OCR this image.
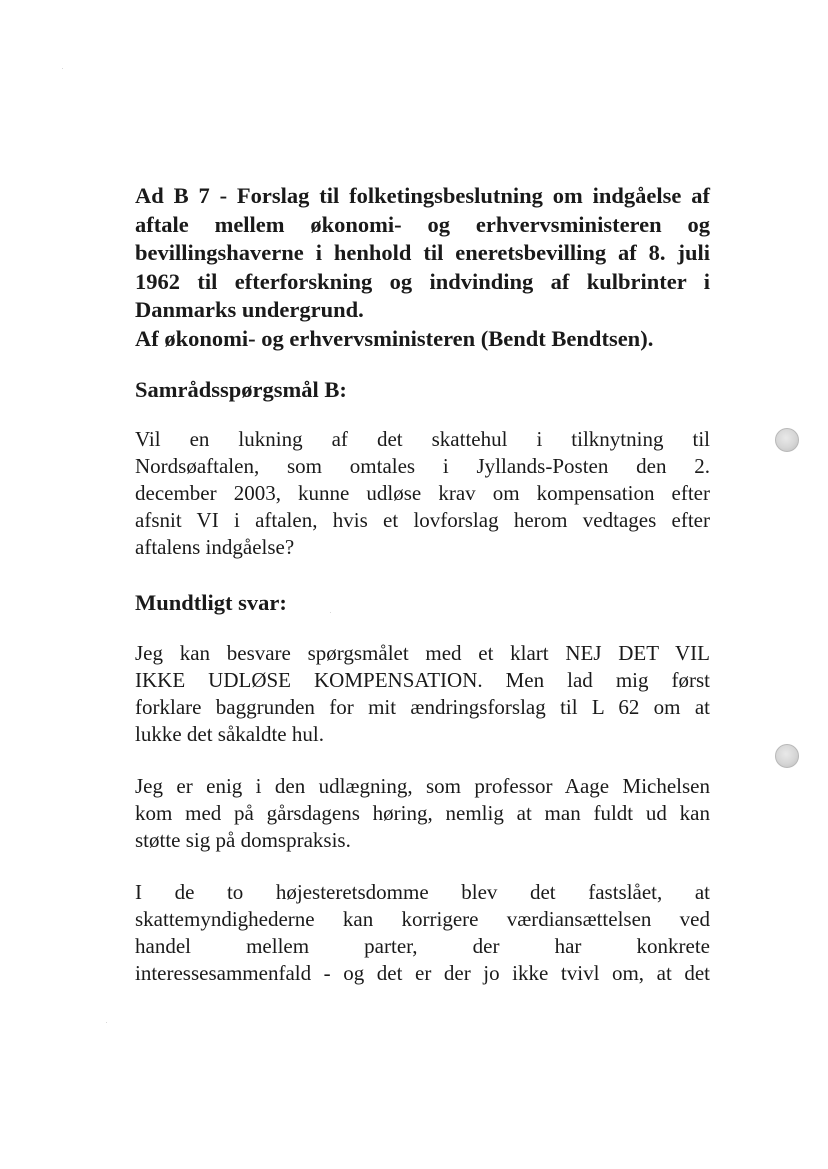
Ad B 7 - Forslag til folketingsbeslutning om indgåelse af
aftale mellem økonomi- og erhvervsministeren og
bevillingshaverne i henhold til eneretsbevilling af 8. juli
1962 til efterforskning og indvinding af kulbrinter i
Danmarks undergrund.
Af økonomi- og erhvervsministeren (Bendt Bendtsen).
Samrådsspørgsmål B:
Vil en lukning af det skattehul i tilknytning til
Nordsøaftalen, som omtales i Jyllands-Posten den 2.
december 2003, kunne udløse krav om kompensation efter
afsnit VI i aftalen, hvis et lovforslag herom vedtages efter
aftalens indgåelse?
Mundtligt svar:
Jeg kan besvare spørgsmålet med et klart NEJ DET VIL
IKKE UDLØSE KOMPENSATION. Men lad mig først
forklare baggrunden for mit ændringsforslag til L 62 om at
lukke det såkaldte hul.
Jeg er enig i den udlægning, som professor Aage Michelsen
kom med på gårsdagens høring, nemlig at man fuldt ud kan
støtte sig på domspraksis.
I de to højesteretsdomme blev det fastslået, at
skattemyndighederne kan korrigere værdiansættelsen ved
handel mellem parter, der har konkrete
interessesammenfald - og det er der jo ikke tvivl om, at det
